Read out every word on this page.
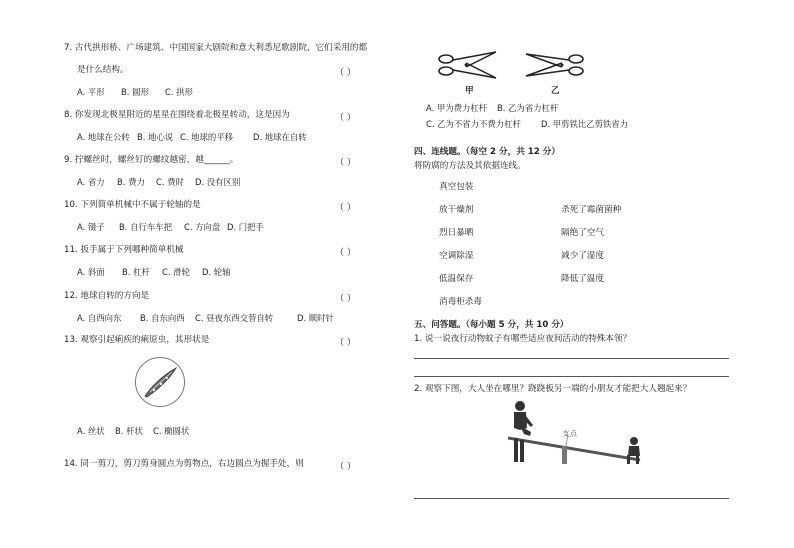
7. 古代拱形桥、广场建筑、中国国家大剧院和意大利悉尼歌剧院，它们采用的都
是什么结构。	（ ）
A. 平形 B. 圆形 C. 拱形
8. 你发现北极星附近的星星在围绕着北极星转动，这是因为	（ ）
A. 地球在公转 B. 地心说 C. 地球的平移 D. 地球在自转
9. 拧螺丝时，螺丝钉的螺纹越密，越______。	（ ）
A. 省力 B. 费力 C. 费时 D. 没有区别
10. 下列简单机械中不属于轮轴的是	（ ）
A. 镊子 B. 自行车车把 C. 方向盘 D. 门把手
11. 扳手属于下列哪种简单机械	（ ）
A. 斜面 B. 杠杆 C. 滑轮 D. 轮轴
12. 地球自转的方向是	（ ）
A. 自西向东 B. 自东向西 C. 昼夜东西交替自转	D. 顺时针
13. 观察引起痢疾的痢原虫，其形状是	（ ）
A. 丝状 B. 杆状 C. 椭圆状
14. 同一剪刀，剪刀剪身圆点为剪物点，右边圆点为握手处，则	（ ）
甲	乙
A. 甲为费力杠杆 B. 乙为省力杠杆
C. 乙为不省力不费力杠杆 D. 甲剪铁比乙剪铁省力
四、连线题。（每空 2 分，共 12 分）
将防腐的方法及其依据连线。
真空包装
放干燥剂
烈日暴晒
空调除湿
低温保存
消毒柜杀毒
杀死了霉菌菌种
隔绝了空气
减少了湿度
降低了温度
五、问答题。（每小题 5 分，共 10 分）
1. 说一说夜行动物蚊子有哪些适应夜间活动的特殊本领？
2. 观察下图，大人坐在哪里？跷跷板另一端的小朋友才能把大人翘起来？
支点
